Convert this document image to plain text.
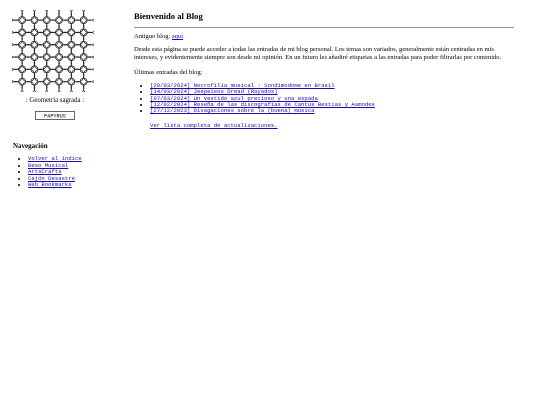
: Geometría sagrada :
PAPYRUS
Navegación
• Volver al índice
• Beso Musical
• ArtsCrafts
• Cajón Desastre
• Web Bookmarks
Bienvenido al Blog
Antiguo blog: aquí
Desde esta página se puede acceder a todas las entradas de mi blog personal. Los temas son variados, generalmente están centradas en mis intereses, y evidentemente siempre son desde mi opinión. En un futuro les añadiré etiquetas a las entradas para poder filtrarlas por contenido.
Últimas entradas del blog:
• [29/03/2024] Necrofilia musical : Sondimodome en Brasil
• [14/03/2024] Jeepeieos Dread (Rayados)
• [07/03/2024] Un vestido azul precioso y una espada
• [12/02/2024] Reseña de las discografías de Cantus Bestias y Asmodes
• [27/12/2023] Divagaciones sobre la (buena) música
Ver lista completa de actualizaciones.
